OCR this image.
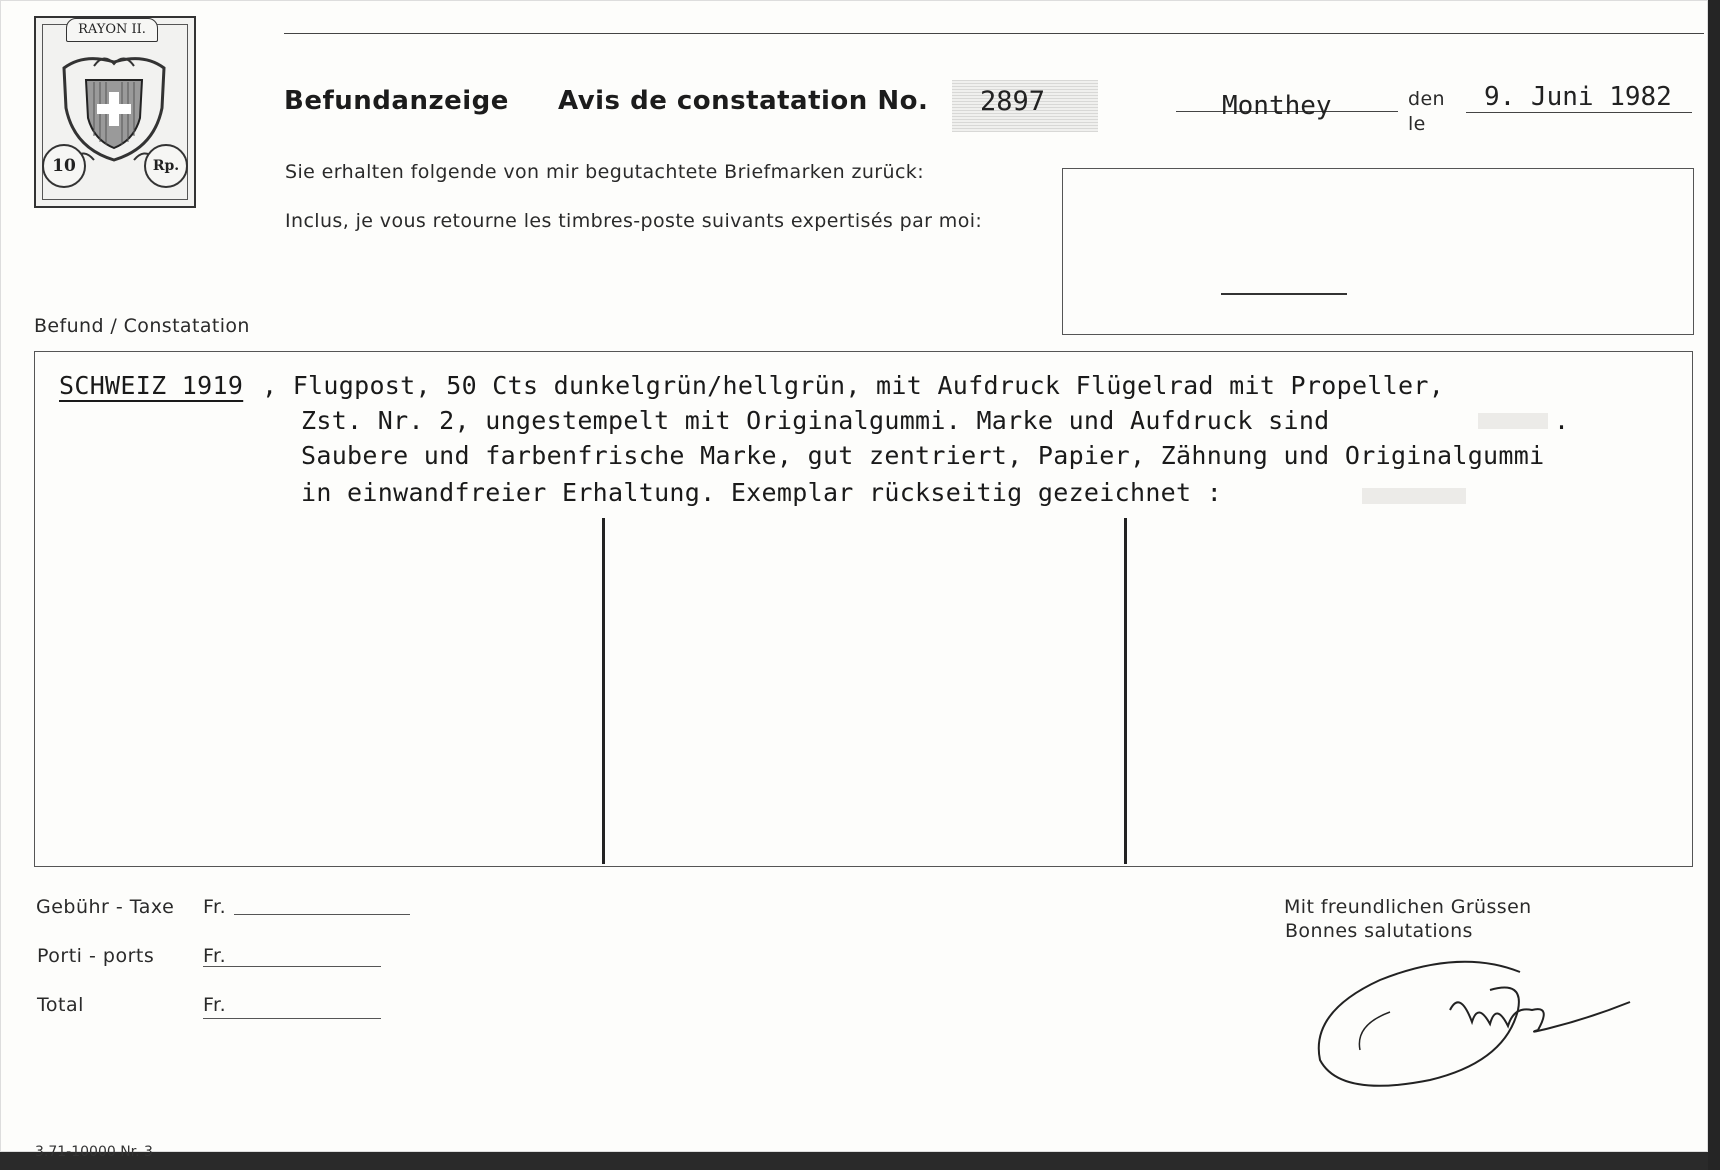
RAYON II.
10	Rp.
Befundanzeige Avis de constatation No. 2897	Monthey	den
le
9. Juni 1982
Sie erhalten folgende von mir begutachtete Briefmarken zurück:
Inclus, je vous retourne les timbres-poste suivants expertisés par moi:
Befund / Constatation
SCHWEIZ 1919 , Flugpost, 50 Cts dunkelgrün/hellgrün, mit Aufdruck Flügelrad mit Propeller,
Zst. Nr. 2, ungestempelt mit Originalgummi. Marke und Aufdruck sind	.
Saubere und farbenfrische Marke, gut zentriert, Papier, Zähnung und Originalgummi
in einwandfreier Erhaltung. Exemplar rückseitig gezeichnet :
Gebühr - Taxe Fr.
Porti - ports	Fr.
Total	Fr.
Mit freundlichen Grüssen
Bonnes salutations
3.71-10000 Nr. 3
